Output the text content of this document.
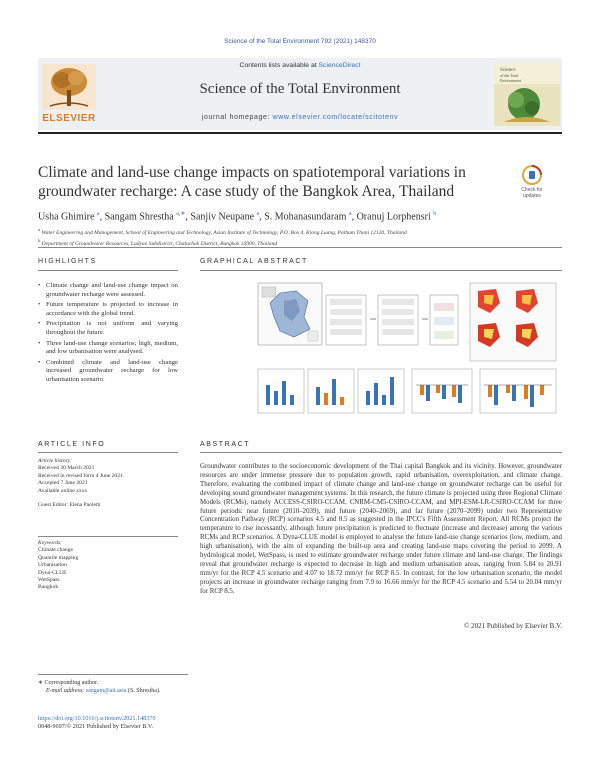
Science of the Total Environment 792 (2021) 148370
ELSEVIER
Contents lists available at ScienceDirect
Science of the Total Environment
journal homepage: www.elsevier.com/locate/scitotenv
Science
of the Total
Environment
Climate and land-use change impacts on spatiotemporal variations in groundwater recharge: A case study of the Bangkok Area, Thailand	Check for
updates
Usha Ghimire $^a$, Sangam Shrestha $^{a,∗}$, Sanjiv Neupane $^a$, S. Mohanasundaram $^a$, Oranuj Lorphensri $^b$
$^a$ Water Engineering and Management, School of Engineering and Technology, Asian Institute of Technology, P.O. Box 4, Klong Luang, Pathum Thani 12120, Thailand
$^b$ Department of Groundwater Resources, Ladyao Subdistrict, Chatuchak District, Bangkok 10900, Thailand
HIGHLIGHTS
• Climate change and land-use change impact on groundwater recharge were assessed.
• Future temperature is projected to increase in accordance with the global trend.
• Precipitation is not uniform and varying throughout the future.
• Three land-use change scenarios; high, medium, and low urbanisation were analysed.
• Combined climate and land-use change increased groundwater recharge for low urbanisation scenario.
GRAPHICAL ABSTRACT
ARTICLE INFO
Article history:
Received 30 March 2021
Received in revised form 4 June 2021
Accepted 7 June 2021
Available online xxxx
Guest Editor: Elena Paoletti
Keywords:
Climate change
Quantile mapping
Urbanisation
Dyna-CLUE
WetSpass
Bangkok
ABSTRACT
Groundwater contributes to the socioeconomic development of the Thai capital Bangkok and its vicinity. However, groundwater resources are under immense pressure due to population growth, rapid urbanisation, overexploitation, and climate change. Therefore, evaluating the combined impact of climate change and land-use change on groundwater recharge can be useful for developing sound groundwater management systems. In this research, the future climate is projected using three Regional Climate Models (RCMs), namely ACCESS-CSIRO-CCAM, CNRM-CM5-CSIRO-CCAM, and MPI-ESM-LR-CSIRO-CCAM for three future periods: near future (2010–2039), mid future (2040–2069), and far future (2070–2099) under two Representative Concentration Pathway (RCP) scenarios 4.5 and 8.5 as suggested in the IPCC's Fifth Assessment Report. All RCMs project the temperature to rise incessantly, although future precipitation is predicted to fluctuate (increase and decrease) among the various RCMs and RCP scenarios. A Dyna-CLUE model is employed to analyse the future land-use change scenarios (low, medium, and high urbanisation), with the aim of expanding the built-up area and creating land-use maps covering the period to 2099. A hydrological model, WetSpass, is used to estimate groundwater recharge under future climate and land-use change. The findings reveal that groundwater recharge is expected to decrease in high and medium urbanisation areas, ranging from 5.84 to 20.91 mm/yr for the RCP 4.5 scenario and 4.07 to 18.72 mm/yr for RCP 8.5. In contrast, for the low urbanisation scenario, the model projects an increase in groundwater recharge ranging from 7.9 to 16.66 mm/yr for the RCP 4.5 scenario and 5.54 to 20.04 mm/yr for RCP 8.5.
© 2021 Published by Elsevier B.V.
∗ Corresponding author.
E-mail address: sangam@ait.asia (S. Shrestha).
https://doi.org/10.1016/j.scitotenv.2021.148370
0048-9697/© 2021 Published by Elsevier B.V.
